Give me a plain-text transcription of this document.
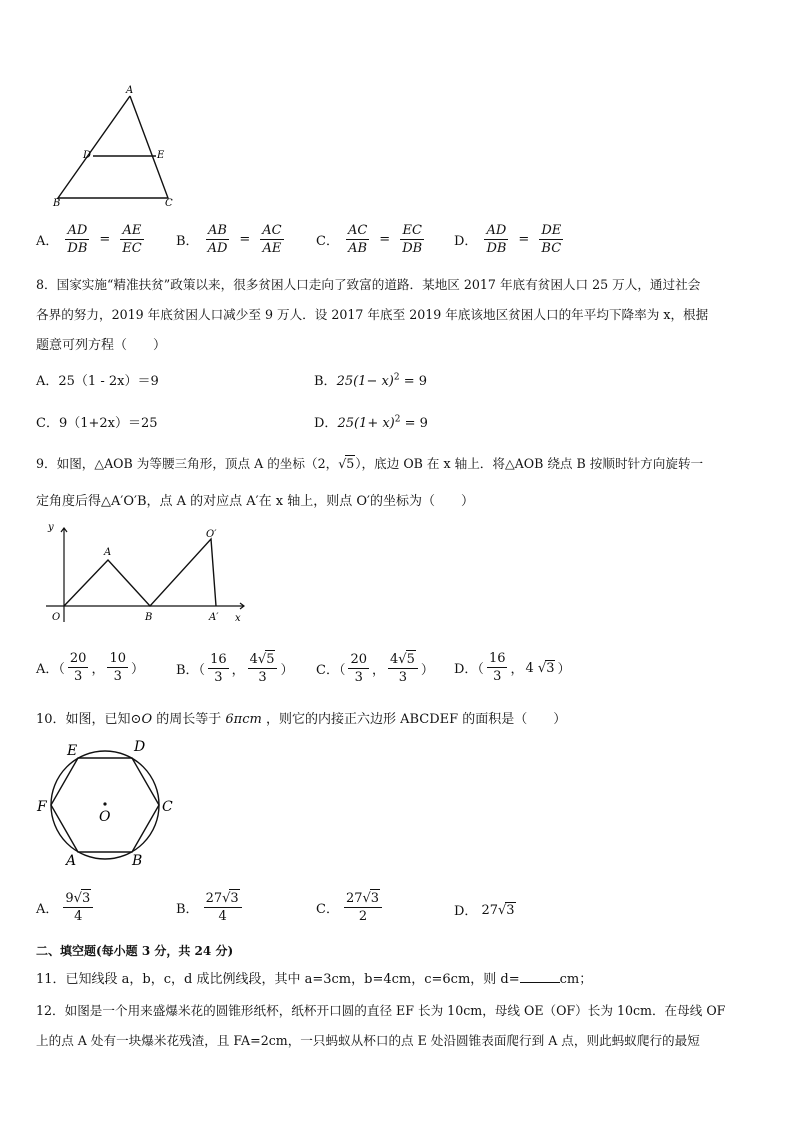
A
D	E
B	C
A． $\frac{AD}{DB} = \frac{AE}{EC}$ B． $\frac{AB}{AD} = \frac{AC}{AE}$ C． $\frac{AC}{AB} = \frac{EC}{DB}$ D． $\frac{AD}{DB} = \frac{DE}{BC}$
8．国家实施“精准扶贫”政策以来，很多贫困人口走向了致富的道路．某地区 2017 年底有贫困人口 25 万人，通过社会
各界的努力，2019 年底贫困人口减少至 9 万人．设 2017 年底至 2019 年底该地区贫困人口的年平均下降率为 x，根据
题意可列方程（　　）
A．25（1 - 2x）＝9	B．$25(1- x)^2 = 9$
C．9（1+2x）＝25	D．$25(1+ x)^2 = 9$
9．如图，△AOB 为等腰三角形，顶点 A 的坐标（2，√5），底边 OB 在 x 轴上．将△AOB 绕点 B 按顺时针方向旋转一
定角度后得△A′O′B，点 A 的对应点 A′在 x 轴上，则点 O′的坐标为（　　）
y
x
O
A
B
O′
A′
A．（ $\frac{20}{3}$ ， $\frac{10}{3}$ ） B．（ $\frac{16}{3}$ ， $\frac{4√5}{3}$ ） C．（ $\frac{20}{3}$ ， $\frac{4√5}{3}$ ） D．（ $\frac{16}{3}$ ， 4 √3 ）
10．如图，已知⊙O 的周长等于 6πcm ，则它的内接正六边形 ABCDEF 的面积是（　　）
E	D
F	C
O
A	B
A． $\frac{9√3}{4}$	B． $\frac{27√3}{4}$	C． $\frac{27√3}{2}$	D． 27√3
二、填空题(每小题 3 分，共 24 分)
11．已知线段 a，b，c，d 成比例线段，其中 a=3cm，b=4cm，c=6cm，则 d=	cm；
12．如图是一个用来盛爆米花的圆锥形纸杯，纸杯开口圆的直径 EF 长为 10cm，母线 OE（OF）长为 10cm．在母线 OF
上的点 A 处有一块爆米花残渣，且 FA=2cm，一只蚂蚁从杯口的点 E 处沿圆锥表面爬行到 A 点，则此蚂蚁爬行的最短
